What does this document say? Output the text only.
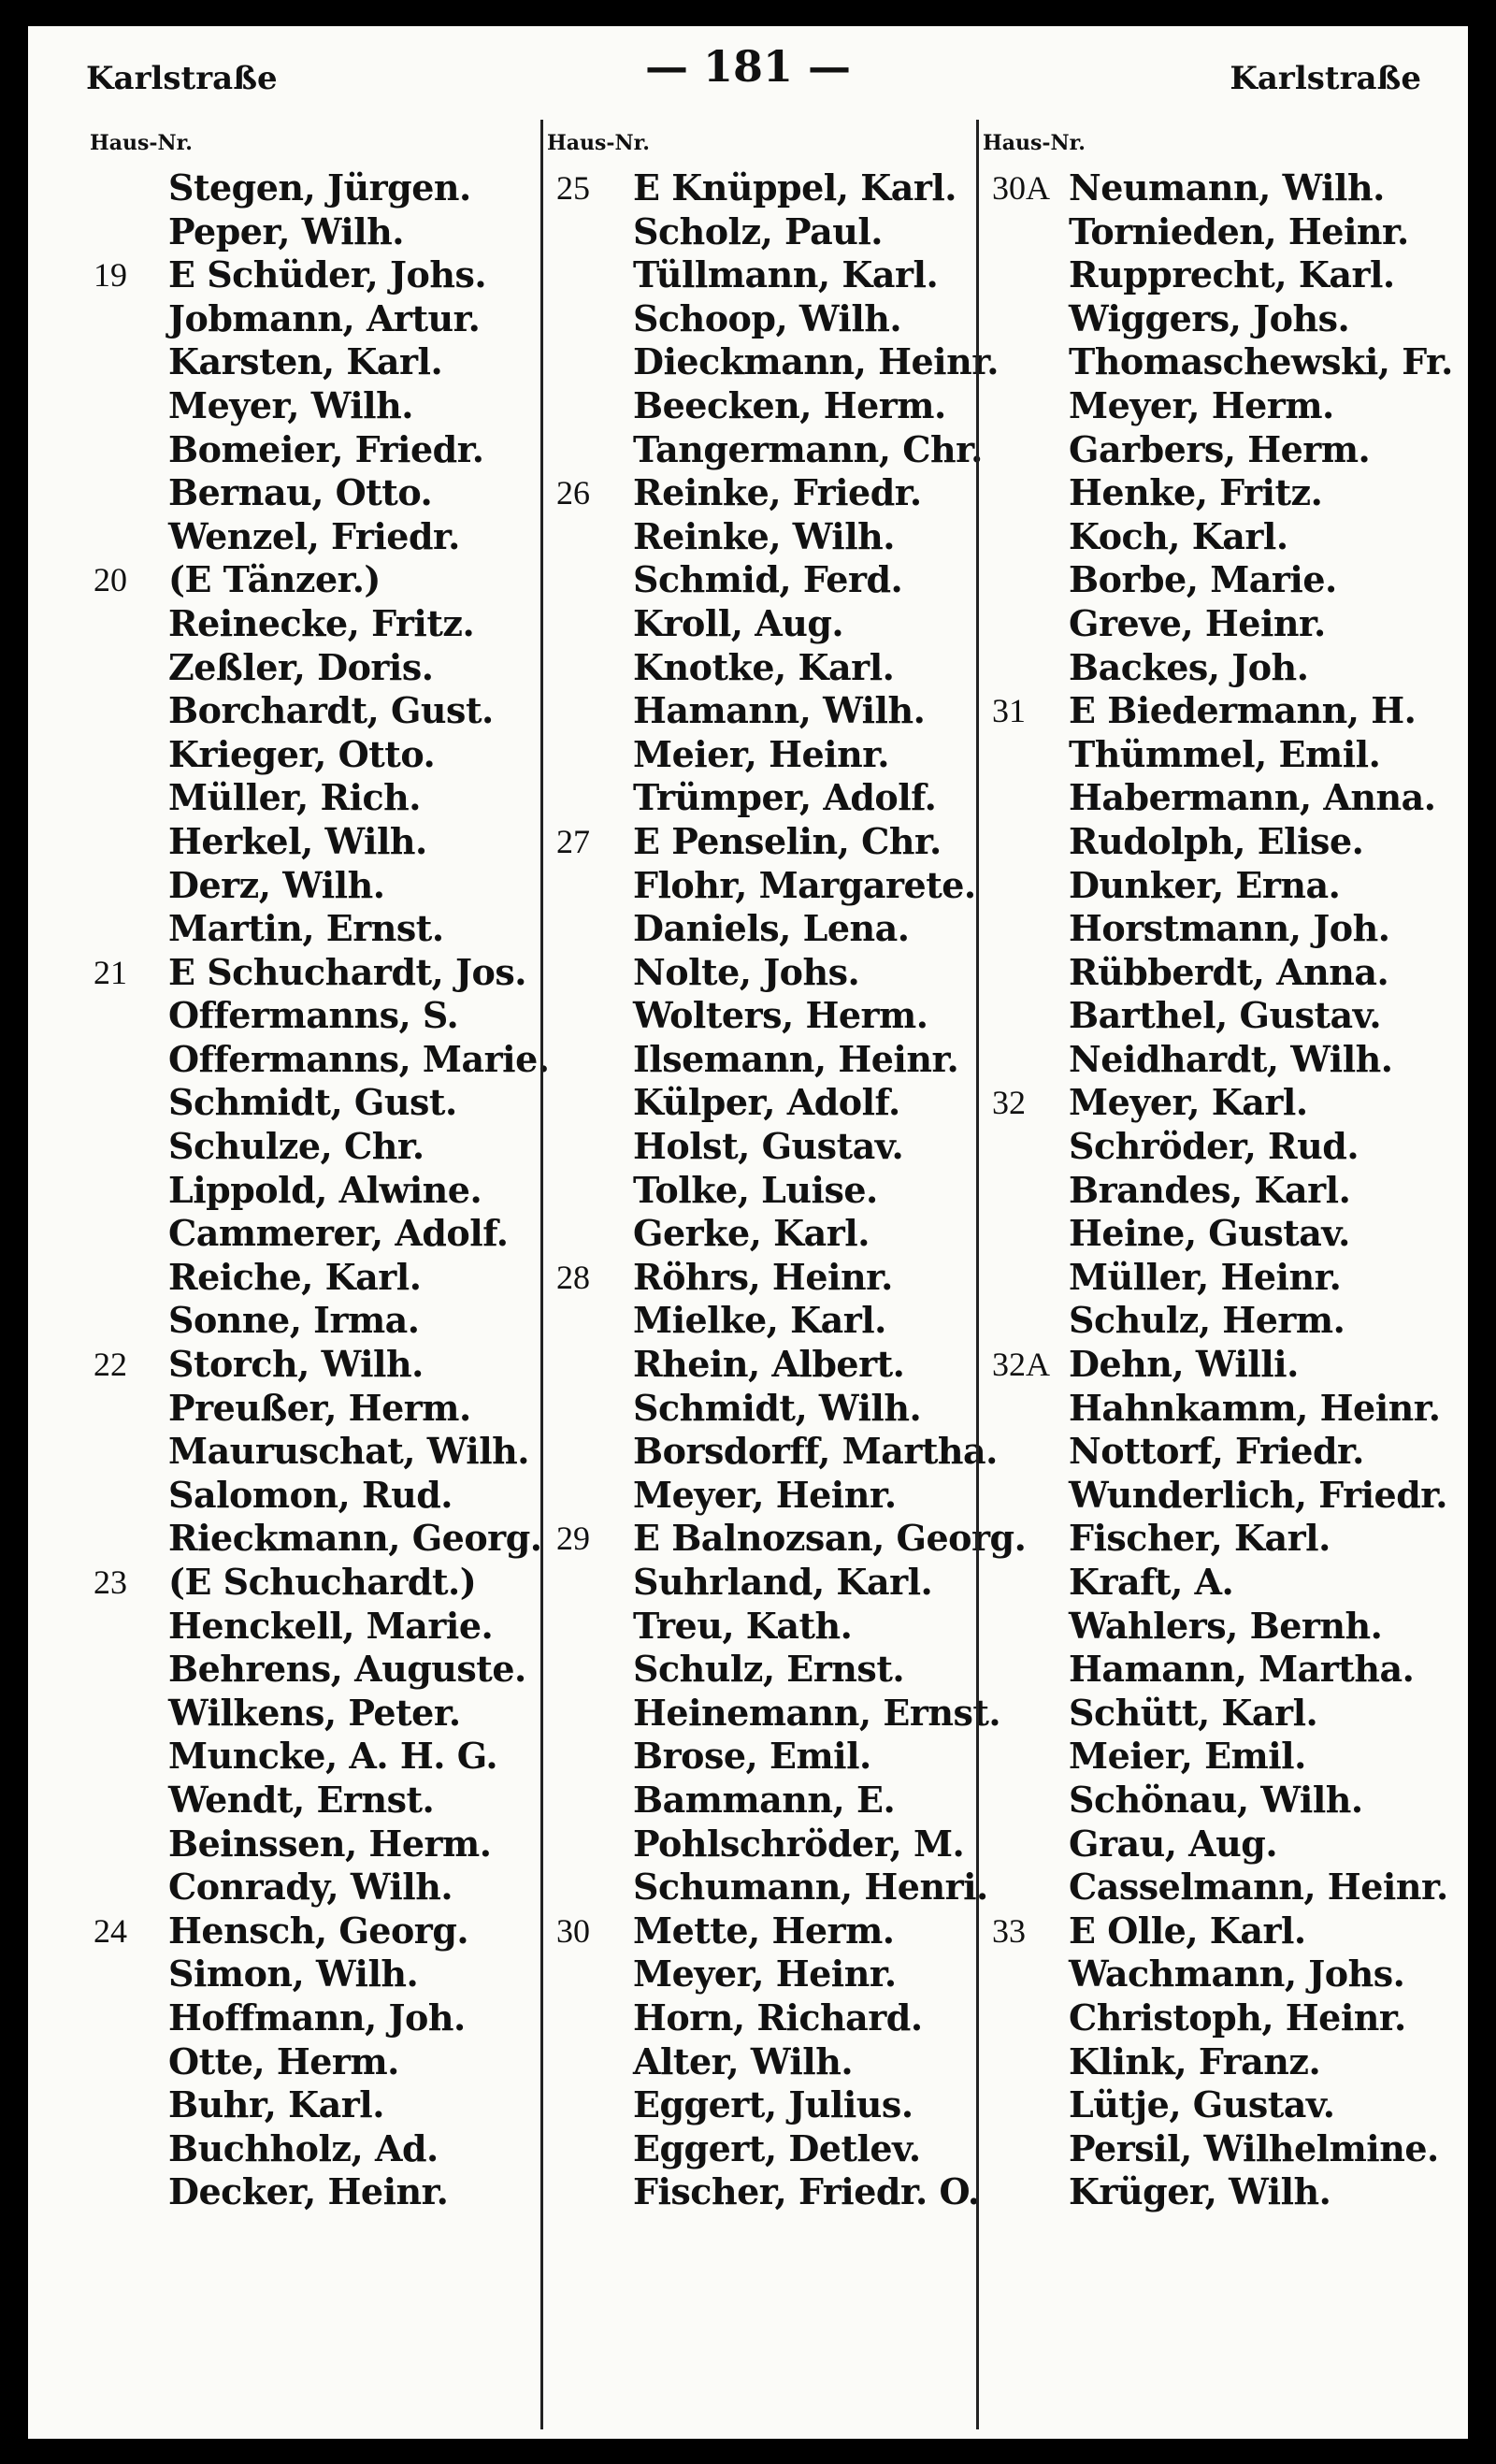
Karlstraße	— 181 —	Karlstraße
Haus-Nr.
Stegen, Jürgen.
Peper, Wilh.
19	E Schüder, Johs.
Jobmann, Artur.
Karsten, Karl.
Meyer, Wilh.
Bomeier, Friedr.
Bernau, Otto.
Wenzel, Friedr.
20	(E Tänzer.)
Reinecke, Fritz.
Zeßler, Doris.
Borchardt, Gust.
Krieger, Otto.
Müller, Rich.
Herkel, Wilh.
Derz, Wilh.
Martin, Ernst.
21	E Schuchardt, Jos.
Offermanns, S.
Offermanns, Marie.
Schmidt, Gust.
Schulze, Chr.
Lippold, Alwine.
Cammerer, Adolf.
Reiche, Karl.
Sonne, Irma.
22	Storch, Wilh.
Preußer, Herm.
Mauruschat, Wilh.
Salomon, Rud.
Rieckmann, Georg.
23	(E Schuchardt.)
Henckell, Marie.
Behrens, Auguste.
Wilkens, Peter.
Muncke, A. H. G.
Wendt, Ernst.
Beinssen, Herm.
Conrady, Wilh.
24	Hensch, Georg.
Simon, Wilh.
Hoffmann, Joh.
Otte, Herm.
Buhr, Karl.
Buchholz, Ad.
Decker, Heinr.
Haus-Nr.
25	E Knüppel, Karl.
Scholz, Paul.
Tüllmann, Karl.
Schoop, Wilh.
Dieckmann, Heinr.
Beecken, Herm.
Tangermann, Chr.
26	Reinke, Friedr.
Reinke, Wilh.
Schmid, Ferd.
Kroll, Aug.
Knotke, Karl.
Hamann, Wilh.
Meier, Heinr.
Trümper, Adolf.
27	E Penselin, Chr.
Flohr, Margarete.
Daniels, Lena.
Nolte, Johs.
Wolters, Herm.
Ilsemann, Heinr.
Külper, Adolf.
Holst, Gustav.
Tolke, Luise.
Gerke, Karl.
28	Röhrs, Heinr.
Mielke, Karl.
Rhein, Albert.
Schmidt, Wilh.
Borsdorff, Martha.
Meyer, Heinr.
29	E Balnozsan, Georg.
Suhrland, Karl.
Treu, Kath.
Schulz, Ernst.
Heinemann, Ernst.
Brose, Emil.
Bammann, E.
Pohlschröder, M.
Schumann, Henri.
30	Mette, Herm.
Meyer, Heinr.
Horn, Richard.
Alter, Wilh.
Eggert, Julius.
Eggert, Detlev.
Fischer, Friedr. O.
Haus-Nr.
30A Neumann, Wilh.
Tornieden, Heinr.
Rupprecht, Karl.
Wiggers, Johs.
Thomaschewski, Fr.
Meyer, Herm.
Garbers, Herm.
Henke, Fritz.
Koch, Karl.
Borbe, Marie.
Greve, Heinr.
Backes, Joh.
31	E Biedermann, H.
Thümmel, Emil.
Habermann, Anna.
Rudolph, Elise.
Dunker, Erna.
Horstmann, Joh.
Rübberdt, Anna.
Barthel, Gustav.
Neidhardt, Wilh.
32	Meyer, Karl.
Schröder, Rud.
Brandes, Karl.
Heine, Gustav.
Müller, Heinr.
Schulz, Herm.
32A Dehn, Willi.
Hahnkamm, Heinr.
Nottorf, Friedr.
Wunderlich, Friedr.
Fischer, Karl.
Kraft, A.
Wahlers, Bernh.
Hamann, Martha.
Schütt, Karl.
Meier, Emil.
Schönau, Wilh.
Grau, Aug.
Casselmann, Heinr.
33	E Olle, Karl.
Wachmann, Johs.
Christoph, Heinr.
Klink, Franz.
Lütje, Gustav.
Persil, Wilhelmine.
Krüger, Wilh.
